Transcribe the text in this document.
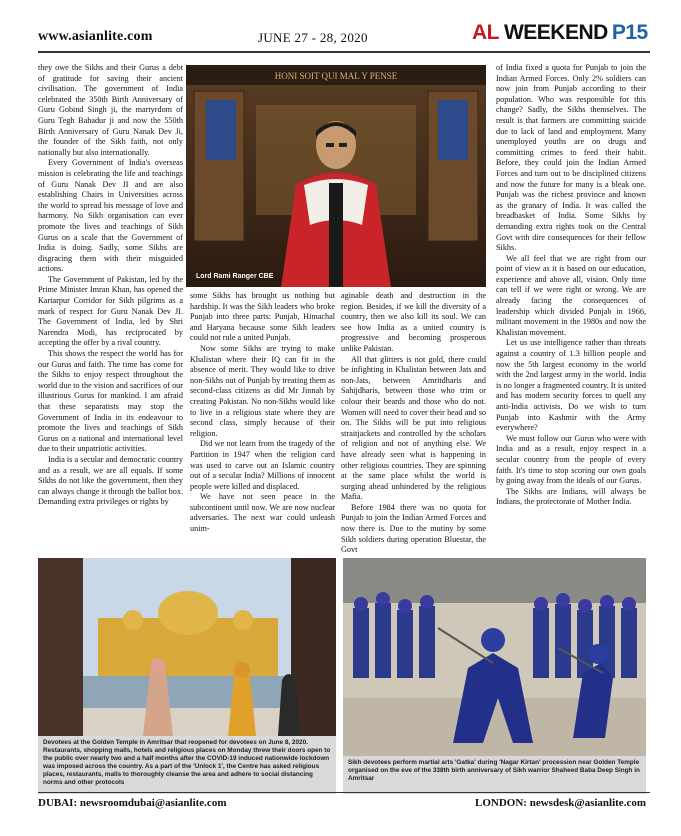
www.asianlite.com	JUNE 27 - 28, 2020	AL WEEKEND P15

they owe the Sikhs and their Gurus a debt of gratitude for saving their ancient civilisation. The government of India celebrated the 350th Birth Anniversary of Guru Gobind Singh ji, the martyrdom of Guru Tegh Bahadur ji and now the 550th Birth Anniversary of Guru Nanak Dev Ji, the founder of the Sikh faith, not only nationally but also internationally.

Every Government of India's overseas mission is celebrating the life and teachings of Guru Nanak Dev JI and are also establishing Chairs in Universities across the world to spread his message of love and harmony. No Sikh organisation can ever promote the lives and teachings of Sikh Gurus on a scale that the Government of India is doing. Sadly, some Sikhs are disgracing them with their misguided actions.

The Government of Pakistan, led by the Prime Minister Imran Khan, has opened the Kartarpur Corridor for Sikh pilgrims as a mark of respect for Guru Nanak Dev JI. The Government of India, led by Shri Narendra Modi, has reciprocated by accepting the offer by a rival country.

This shows the respect the world has for our Gurus and faith. The time has come for the Sikhs to enjoy respect throughout the world due to the vision and sacrifices of our illustrious Gurus for mankind. I am afraid that these separatists may stop the Government of India in its endeavour to promote the lives and teachings of Sikh Gurus on a national and international level due to their unpatriotic activities.

India is a secular and democratic country and as a result, we are all equals. If some Sikhs do not like the government, then they can always change it through the ballot box. Demanding extra privileges or rights by

HONI SOIT QUI MAL Y PENSE
Lord Rami Ranger CBE

some Sikhs has brought us nothing but hardship. It was the Sikh leaders who broke Punjab into three parts: Punjab, Himachal and Haryana because some Sikh leaders could not rule a united Punjab.

Now some Sikhs are trying to make Khalistan where their IQ can fit in the absence of merit. They would like to drive non-Sikhs out of Punjab by treating them as second-class citizens as did Mr Jinnah by creating Pakistan. No non-Sikhs would like to live in a religious state where they are second class, simply because of their religion.

Did we not learn from the tragedy of the Partition in 1947 when the religion card was used to carve out an Islamic country out of a secular India? Millions of innocent people were killed and displaced.

We have not seen peace in the subcontinent until now. We are now nuclear adversaries. The next war could unleash unim-

aginable death and destruction in the region. Besides, if we kill the diversity of a country, then we also kill its soul. We can see how India as a united country is progressive and becoming prosperous unlike Pakistan.

All that glitters is not gold, there could be infighting in Khalistan between Jats and non-Jats, between Amritdharis and Sahijdharis, between those who trim or colour their beards and those who do not. Women will need to cover their head and so on. The Sikhs will be put into religious straitjackets and controlled by the scholars of religion and not of anything else. We have already seen what is happening in other religious countries. They are spinning at the same place whilst the world is surging ahead unhindered by the religious Mafia.

Before 1984 there was no quota for Punjab to join the Indian Armed Forces and now there is. Due to the mutiny by some Sikh soldiers during operation Bluestar, the Govt

of India fixed a quota for Punjab to join the Indian Armed Forces. Only 2% soldiers can now join from Punjab according to their population. Who was responsible for this change? Sadly, the Sikhs themselves. The result is that farmers are committing suicide due to lack of land and employment. Many unemployed youths are on drugs and committing crimes to feed their habit. Before, they could join the Indian Armed Forces and turn out to be disciplined citizens and now the future for many is a bleak one. Punjab was the richest province and known as the granary of India. It was called the breadbasket of India. Some Sikhs by demanding extra rights took on the Central Govt with dire consequences for their fellow Sikhs.

We all feel that we are right from our point of view as it is based on our education, experience and above all, vision. Only time can tell if we were right or wrong. We are already facing the consequences of leadership which divided Punjab in 1966, militant movement in the 1980s and now the Khalistan movement.

Let us use intelligence rather than threats against a country of 1.3 billion people and now the 5th largest economy in the world with the 2nd largest army in the world. India is no longer a fragmented country. It is united and has modern security forces to quell any anti-India activists. Do we wish to turn Punjab into Kashmir with the Army everywhere?

We must follow our Gurus who were with India and as a result, enjoy respect in a secular country from the people of every faith. It's time to stop scoring our own goals by going away from the ideals of our Gurus.

The Sikhs are Indians, will always be Indians, the protectorate of Mother India.

Devotees at the Golden Temple in Amritsar that reopened for devotees on June 8, 2020. Restaurants, shopping malls, hotels and religious places on Monday threw their doors open to the public over nearly two and a half months after the COVID-19 induced nationwide lockdown was imposed across the country. As a part of the 'Unlock 1', the Centre has asked religious places, restaurants, malls to thoroughly cleanse the area and adhere to social distancing norms and other protocols
Sikh devotees perform martial arts 'Gatka' during 'Nagar Kirtan' procession near Golden Temple organised on the eve of the 338th birth anniversary of Sikh warrior Shaheed Baba Deep Singh in Amritsar
DUBAI: newsroomdubai@asianlite.com	LONDON: newsdesk@asianlite.com
